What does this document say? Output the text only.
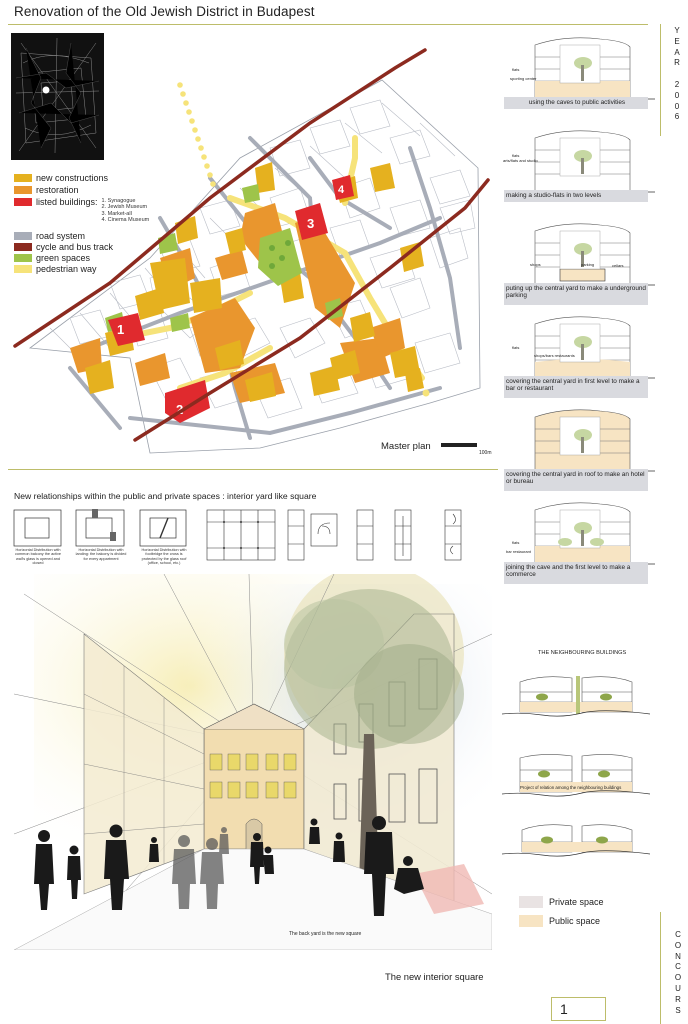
Renovation of the Old Jewish District in Budapest
Y
E
A
R

2
0
0
6
new constructions
restoration
listed buildings: 1. Synagogue
2. Jewish Museum
3. Market-all
4. Cinema Museum
road system
cycle and bus track
green spaces
pedestrian way
1
2
3
4
Master plan
100m
using the caves to public activities
making a studio-flats in two levels
puting up the central yard to make a underground parking
covering the central yard in first level to make a bar or restaurant
covering the central yard in roof to make an hotel or bureau
joining the cave and the first level to make a commerce
New relationships within the public and private spaces : interior yard like square
Horizontal Distribution with common balcony the active wall's glass is opened and closed
Horizontal Distribution with landing: the balcony is divided for every appartment
Horizontal Distribution with footbridge the cross is protected by the glass roof (office, school, etc.)
The back yard is the new square
The new interior square
THE NEIGHBOURING BUILDINGS
Project of relation among the neighbouring buildings
Private space
Public space
C
O
N
C
O
U
R
S
1
flats
sporting center
flats
arts/flats and studio
shops	parking	cellars
flats
shops/bars restaurants
flats
bar restaurant
